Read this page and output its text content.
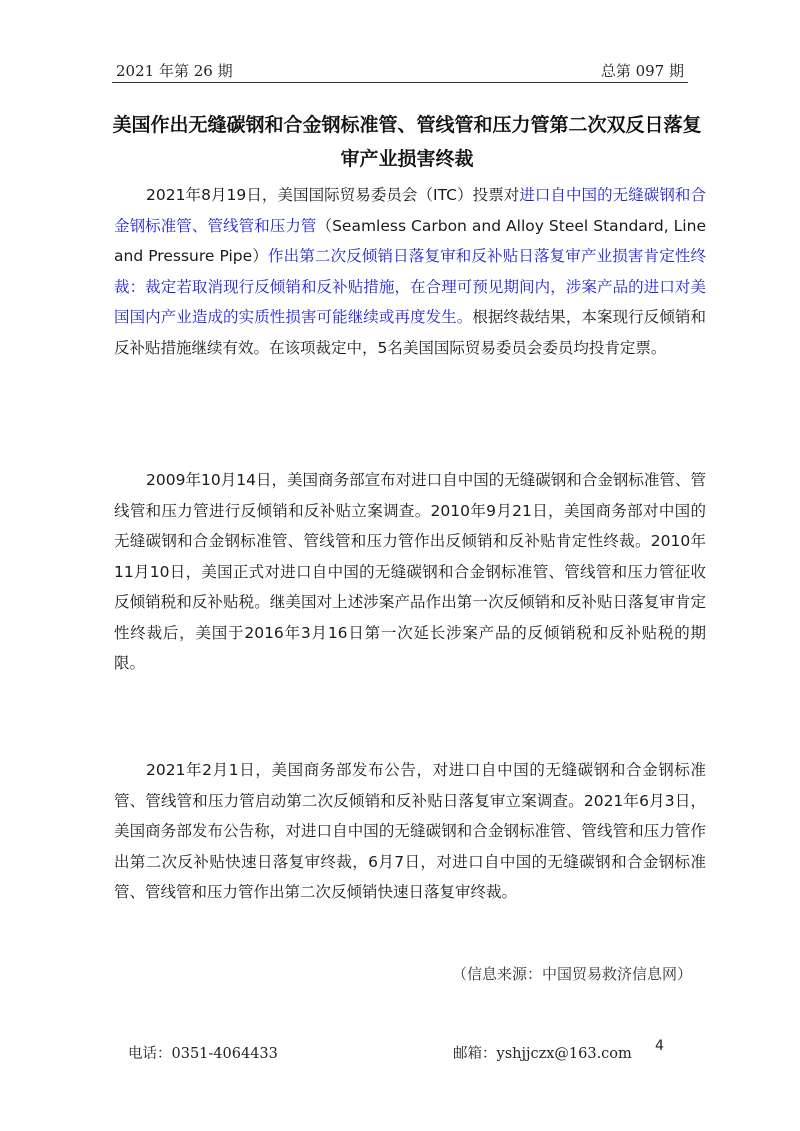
2021 年第 26 期	总第 097 期
美国作出无缝碳钢和合金钢标准管、管线管和压力管第二次双反日落复审产业损害终裁
2021年8月19日，美国国际贸易委员会（ITC）投票对进口自中国的无缝碳钢和合金钢标准管、管线管和压力管（Seamless Carbon and Alloy Steel Standard, Line and Pressure Pipe）作出第二次反倾销日落复审和反补贴日落复审产业损害肯定性终裁：裁定若取消现行反倾销和反补贴措施，在合理可预见期间内，涉案产品的进口对美国国内产业造成的实质性损害可能继续或再度发生。根据终裁结果，本案现行反倾销和反补贴措施继续有效。在该项裁定中，5名美国国际贸易委员会委员均投肯定票。
2009年10月14日，美国商务部宣布对进口自中国的无缝碳钢和合金钢标准管、管线管和压力管进行反倾销和反补贴立案调查。2010年9月21日，美国商务部对中国的无缝碳钢和合金钢标准管、管线管和压力管作出反倾销和反补贴肯定性终裁。2010年11月10日，美国正式对进口自中国的无缝碳钢和合金钢标准管、管线管和压力管征收反倾销税和反补贴税。继美国对上述涉案产品作出第一次反倾销和反补贴日落复审肯定性终裁后，美国于2016年3月16日第一次延长涉案产品的反倾销税和反补贴税的期限。
2021年2月1日，美国商务部发布公告，对进口自中国的无缝碳钢和合金钢标准管、管线管和压力管启动第二次反倾销和反补贴日落复审立案调查。2021年6月3日，美国商务部发布公告称，对进口自中国的无缝碳钢和合金钢标准管、管线管和压力管作出第二次反补贴快速日落复审终裁，6月7日，对进口自中国的无缝碳钢和合金钢标准管、管线管和压力管作出第二次反倾销快速日落复审终裁。
（信息来源：中国贸易救济信息网）
电话：0351-4064433	邮箱：yshjjczx@163.com 4
